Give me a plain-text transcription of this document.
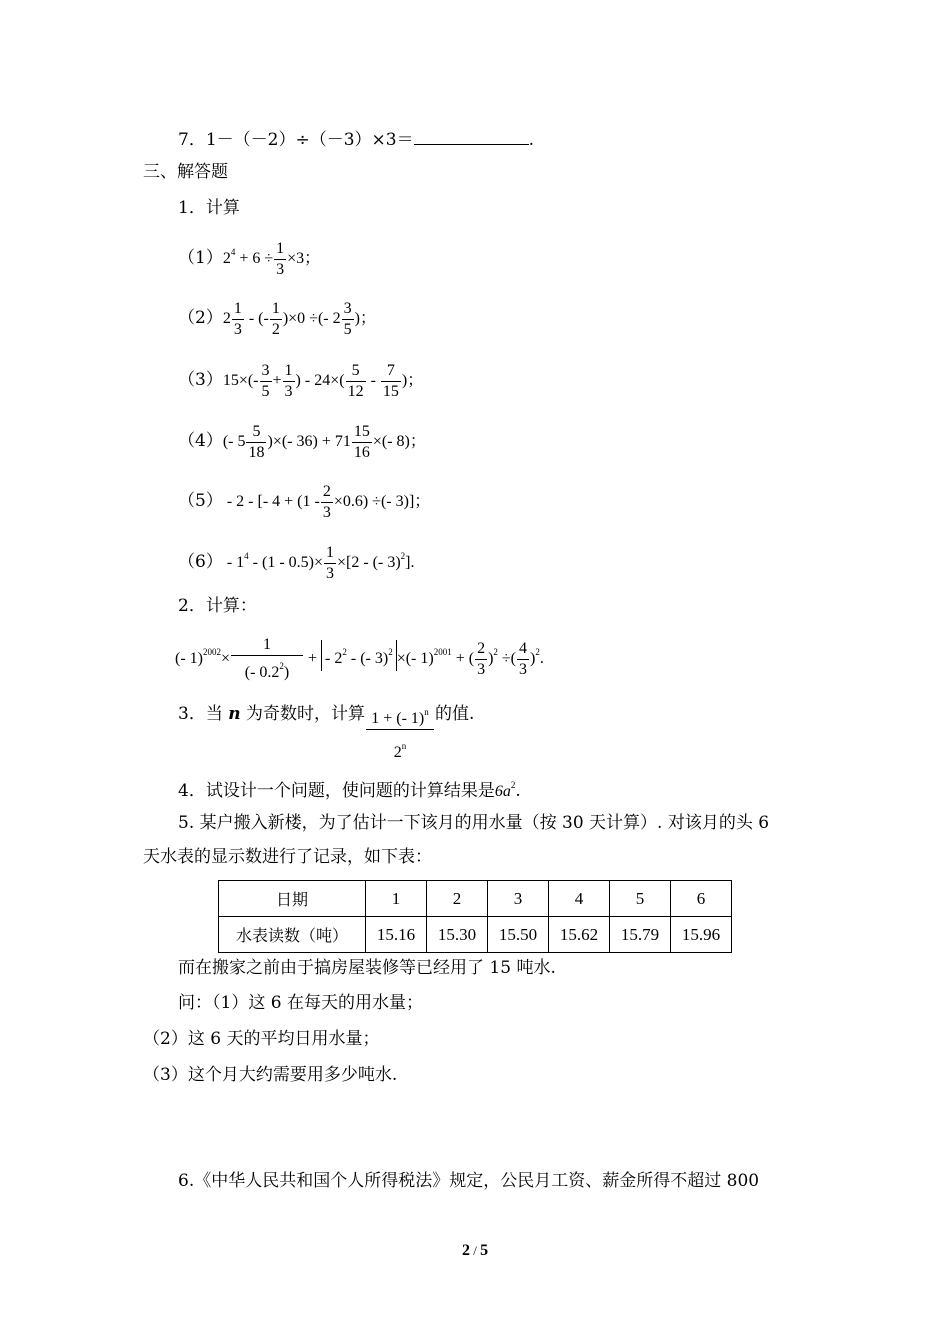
7．1－（－2）÷（－3）×3＝	.
三、解答题
1．计算
$(1)2^4 + 6 \div \frac{1}{3} \times 3$；
$(2)2 \frac{1}{3}$ - (- $\frac{1}{2} )\times 0$ ÷(- $2 \frac{3}{5}$ )；
$(3)15\times(- \frac{3}{5} + \frac{1}{3}$ ) - $24\times( \frac{5}{12} - \frac{7}{15}$ )；
（4）(- $5 \frac{5}{18}$ )×(- $36) + 71 \frac{15}{16}$ ×(- 8)；
（5） - 2 - [- $4 + (1 - \frac{2}{3} \times 0.6)$ ÷(- 3)]；
$(6) - 1^4 - (1 - 0.5)\times \frac{1}{3} \times[2$ - (- 3)$^2$].
2．计算：
(- $1)^{2002}\times \frac{1}{(- 0.2^2)}$ + - $2^2$ - (- 3)$^2$ ×(- 1)$^{2001}$ + ( $\frac{2}{3} )^2$ ÷( $\frac{4}{3} )^2$.
3．当 n 为奇数时，计算 $\frac{1 + (- 1)^n}{2^n}$ 的值.
4．试设计一个问题，使问题的计算结果是$6a^2$.
5. 某户搬入新楼，为了估计一下该月的用水量（按 30 天计算）. 对该月的头 6
天水表的显示数进行了记录，如下表：
日期	1	2	3	4	5	6
水表读数（吨）	15.16	15.30	15.50	15.62	15.79	15.96
而在搬家之前由于搞房屋装修等已经用了 15 吨水.
问：（1）这 6 在每天的用水量；
（2）这 6 天的平均日用水量；
（3）这个月大约需要用多少吨水.
6.《中华人民共和国个人所得税法》规定，公民月工资、薪金所得不超过 800
2 / 5
